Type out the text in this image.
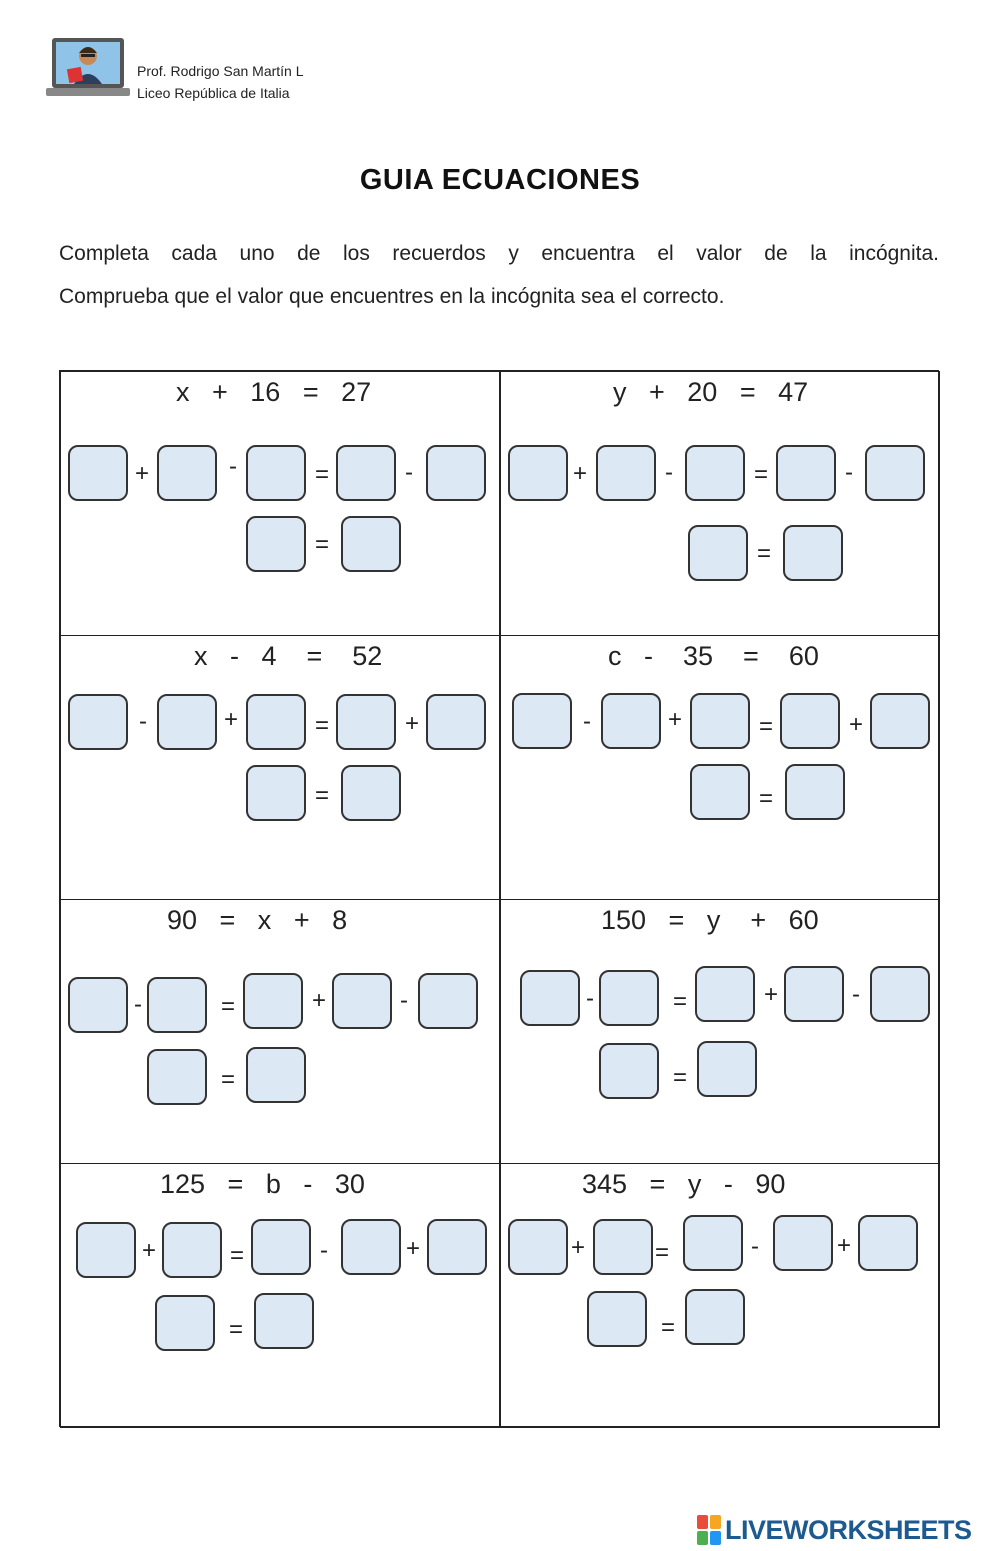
Prof. Rodrigo San Martín L
Liceo República de Italia
GUIA ECUACIONES
Completa cada uno de los recuerdos y encuentra el valor de la incógnita.
Comprueba que el valor que encuentres en la incógnita sea el correcto.
x   +   16   =   27
+	-	=	-
=
y   +   20   =   47
+	-	=	-
=
x   -   4    =    52
-	+	=	+
=
c   -    35    =    60
-	+	=	+
=
90   =   x   +   8
-	=	+	-
=
150   =   y    +   60
-	=	+	-
=
125   =   b   -   30
+	=	-	+
=
345   =   y   -   90
+	=	-	+
=
LIVEWORKSHEETS
